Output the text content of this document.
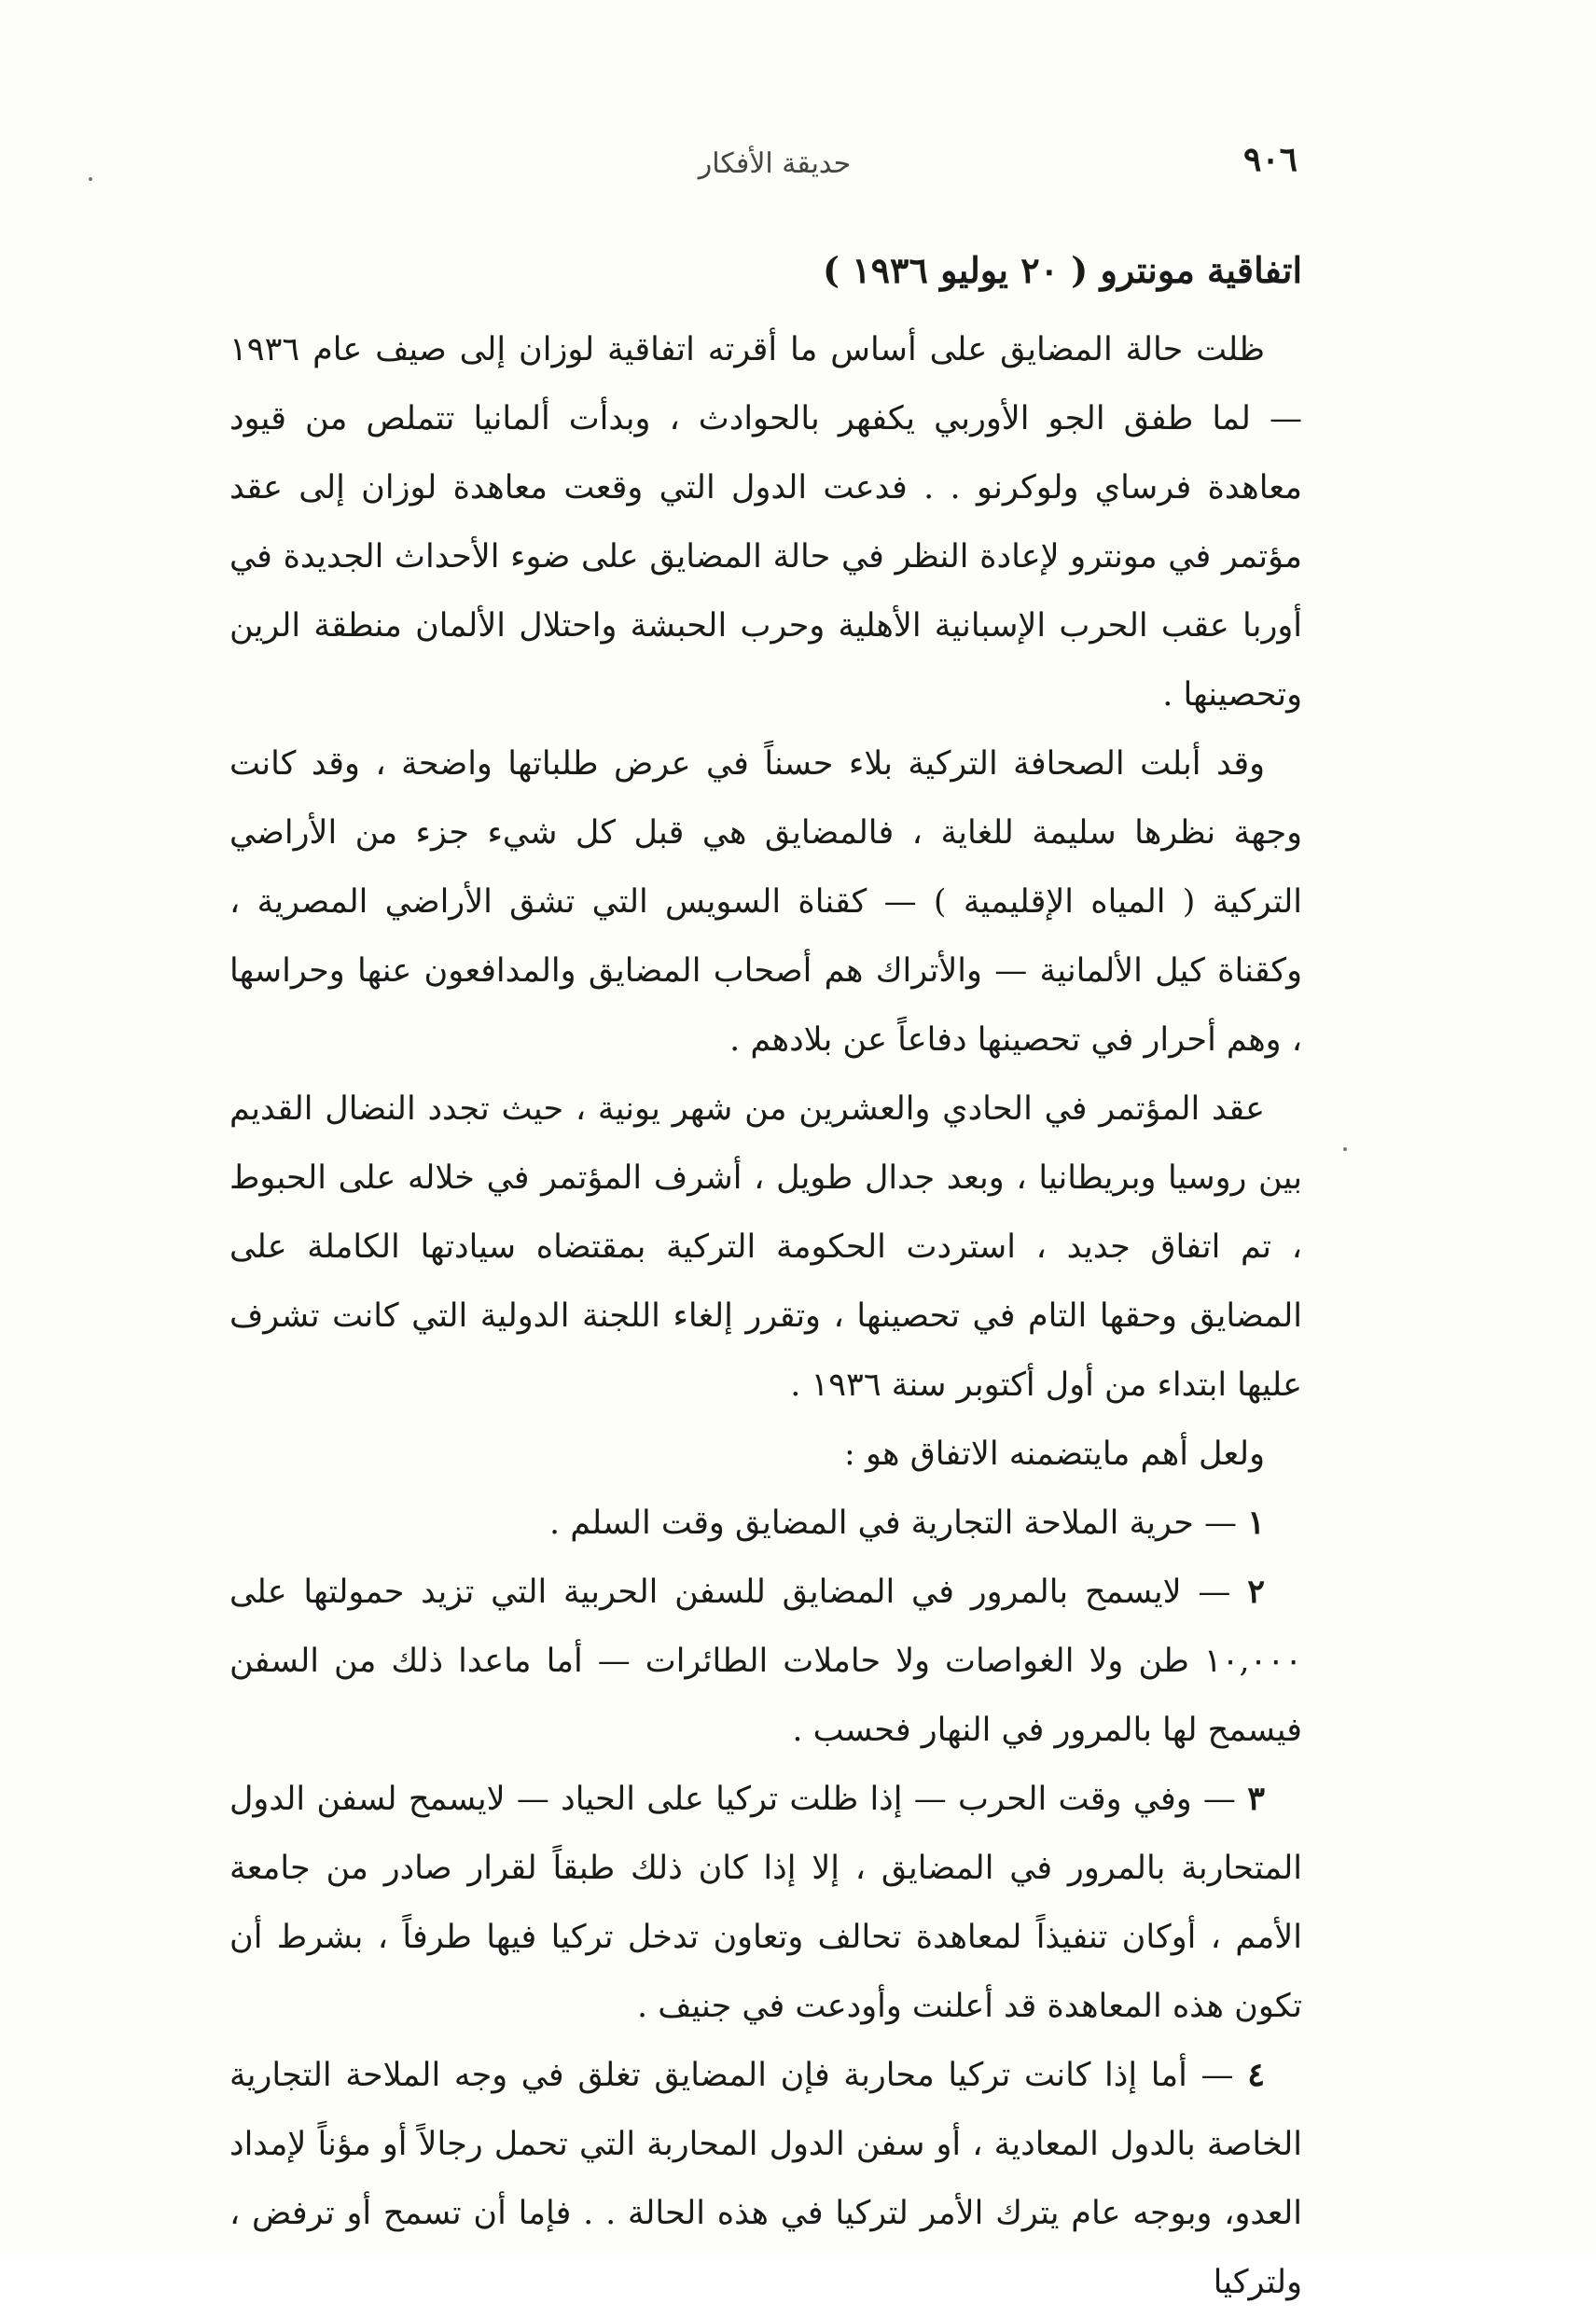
٩٠٦
حديقة الأفكار
اتفاقية مونترو ( ٢٠ يوليو ١٩٣٦ )

ظلت حالة المضايق على أساس ما أقرته اتفاقية لوزان إلى صيف عام ١٩٣٦ — لما طفق الجو الأوربي يكفهر بالحوادث ، وبدأت ألمانيا تتملص من قيود معاهدة فرساي ولوكرنو . . فدعت الدول التي وقعت معاهدة لوزان إلى عقد مؤتمر في مونترو لإعادة النظر في حالة المضايق على ضوء الأحداث الجديدة في أوربا عقب الحرب الإسبانية الأهلية وحرب الحبشة واحتلال الألمان منطقة الرين وتحصينها .

وقد أبلت الصحافة التركية بلاء حسناً في عرض طلباتها واضحة ، وقد كانت وجهة نظرها سليمة للغاية ، فالمضايق هي قبل كل شيء جزء من الأراضي التركية ( المياه الإقليمية ) — كقناة السويس التي تشق الأراضي المصرية ، وكقناة كيل الألمانية — والأتراك هم أصحاب المضايق والمدافعون عنها وحراسها ، وهم أحرار في تحصينها دفاعاً عن بلادهم .

عقد المؤتمر في الحادي والعشرين من شهر يونية ، حيث تجدد النضال القديم بين روسيا وبريطانيا ، وبعد جدال طويل ، أشرف المؤتمر في خلاله على الحبوط ، تم اتفاق جديد ، استردت الحكومة التركية بمقتضاه سيادتها الكاملة على المضايق وحقها التام في تحصينها ، وتقرر إلغاء اللجنة الدولية التي كانت تشرف عليها ابتداء من أول أكتوبر سنة ١٩٣٦ .

ولعل أهم مايتضمنه الاتفاق هو :

١ — حرية الملاحة التجارية في المضايق وقت السلم .

٢ — لايسمح بالمرور في المضايق للسفن الحربية التي تزيد حمولتها على ١٠,٠٠٠ طن ولا الغواصات ولا حاملات الطائرات — أما ماعدا ذلك من السفن فيسمح لها بالمرور في النهار فحسب .

٣ — وفي وقت الحرب — إذا ظلت تركيا على الحياد — لايسمح لسفن الدول المتحاربة بالمرور في المضايق ، إلا إذا كان ذلك طبقاً لقرار صادر من جامعة الأمم ، أوكان تنفيذاً لمعاهدة تحالف وتعاون تدخل تركيا فيها طرفاً ، بشرط أن تكون هذه المعاهدة قد أعلنت وأودعت في جنيف .

٤ — أما إذا كانت تركيا محاربة فإن المضايق تغلق في وجه الملاحة التجارية الخاصة بالدول المعادية ، أو سفن الدول المحاربة التي تحمل رجالاً أو مؤناً لإمداد العدو، وبوجه عام يترك الأمر لتركيا في هذه الحالة . . فإما أن تسمح أو ترفض ، ولتركيا
